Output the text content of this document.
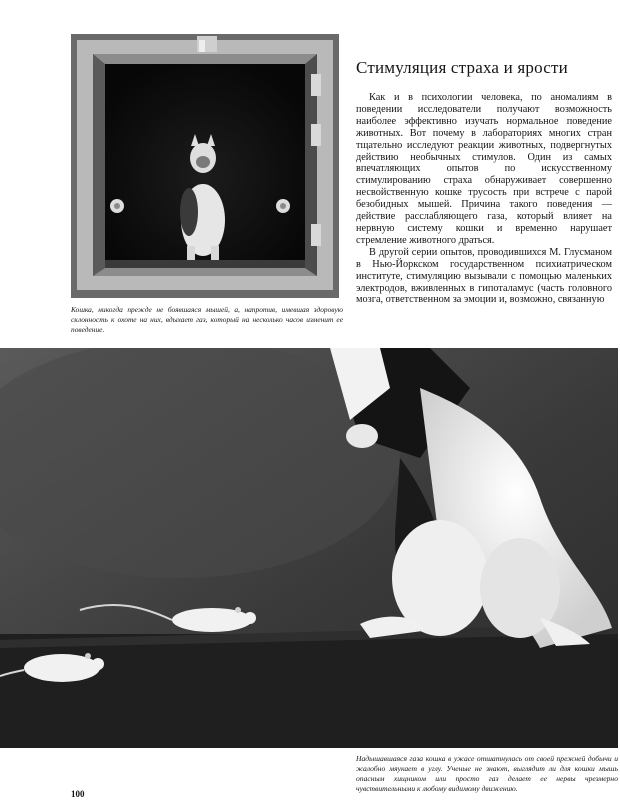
Кошка, никогда прежде не боявшаяся мышей, а, напротив, имевшая здоровую склонность к охоте на них, вдыхает газ, который на несколько часов изменит ее поведение.
Стимуляция страха и ярости

Как и в психологии человека, по аномалиям в поведении исследователи получают возможность наиболее эффективно изучать нормальное поведение животных. Вот почему в лабораториях многих стран тщательно исследуют реакции животных, подвергнутых действию необычных стимулов. Один из самых впечатляющих опытов по искусственному стимулированию страха обнаруживает совершенно несвойственную кошке трусость при встрече с парой безобидных мышей. Причина такого поведения — действие расслабляющего газа, который влияет на нервную систему кошки и временно нарушает стремление животного драться.

В другой серии опытов, проводившихся М. Глусманом в Нью-Йоркском государственном психиатрическом институте, стимуляцию вызывали с помощью маленьких электродов, вживленных в гипоталамус (часть головного мозга, ответственном за эмоции и, возможно, связанную

Надышавшаяся газа кошка в ужасе отшатнулась от своей прежней добычи и жалобно мяукает в углу. Ученые не знают, выглядит ли для кошки мышь опасным хищником или просто газ делает ее нервы чрезмерно чувствительными к любому видимому движению.
100
